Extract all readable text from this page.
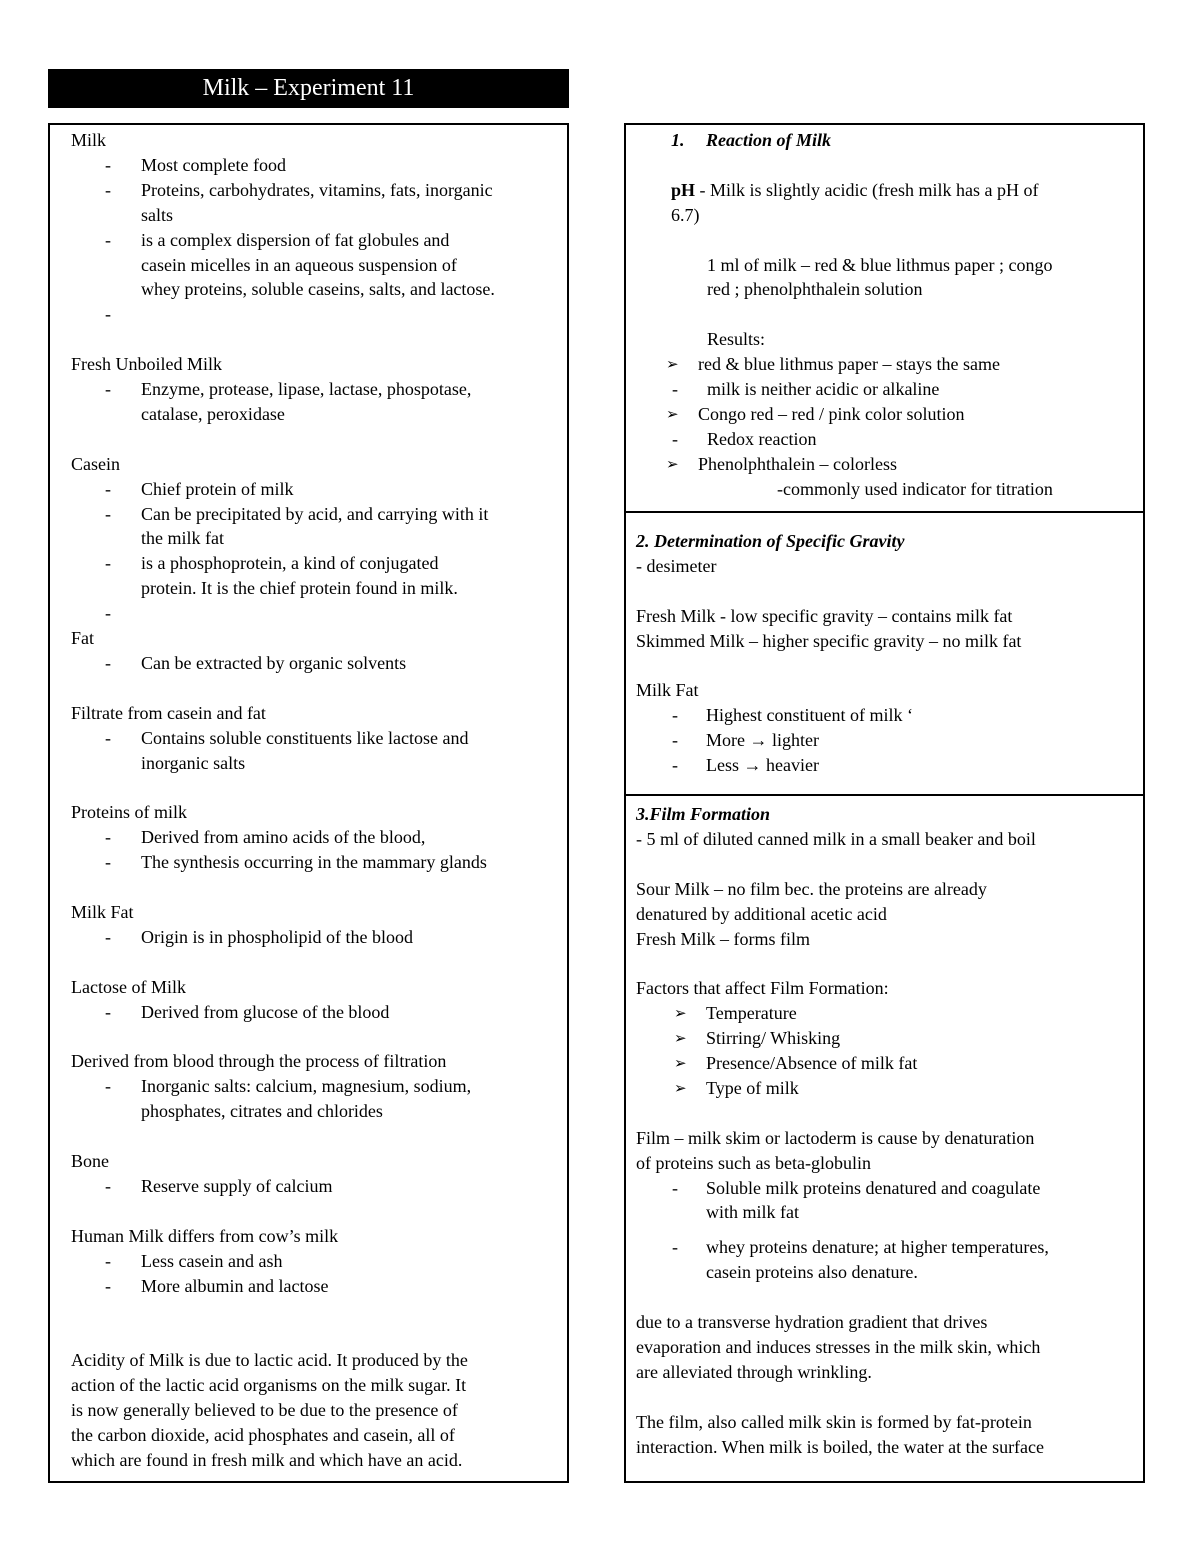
Milk – Experiment 11
Milk
- Most complete food
- Proteins, carbohydrates, vitamins, fats, inorganic
salts
- is a complex dispersion of fat globules and
casein micelles in an aqueous suspension of
whey proteins, soluble caseins, salts, and lactose.
-
Fresh Unboiled Milk
- Enzyme, protease, lipase, lactase, phospotase,
catalase, peroxidase
Casein
- Chief protein of milk
- Can be precipitated by acid, and carrying with it
the milk fat
- is a phosphoprotein, a kind of conjugated
protein. It is the chief protein found in milk.
-
Fat
- Can be extracted by organic solvents
Filtrate from casein and fat
- Contains soluble constituents like lactose and
inorganic salts
Proteins of milk
- Derived from amino acids of the blood,
- The synthesis occurring in the mammary glands
Milk Fat
- Origin is in phospholipid of the blood
Lactose of Milk
- Derived from glucose of the blood
Derived from blood through the process of filtration
- Inorganic salts: calcium, magnesium, sodium,
phosphates, citrates and chlorides
Bone
- Reserve supply of calcium
Human Milk differs from cow’s milk
- Less casein and ash
- More albumin and lactose
Acidity of Milk is due to lactic acid. It produced by the
action of the lactic acid organisms on the milk sugar. It
is now generally believed to be due to the presence of
the carbon dioxide, acid phosphates and casein, all of
which are found in fresh milk and which have an acid.
1. Reaction of Milk
pH - Milk is slightly acidic (fresh milk has a pH of
6.7)
1 ml of milk – red & blue lithmus paper ; congo
red ; phenolphthalein solution
Results:
➢ red & blue lithmus paper – stays the same
- milk is neither acidic or alkaline
➢ Congo red – red / pink color solution
- Redox reaction
➢ Phenolphthalein – colorless
-commonly used indicator for titration
2. Determination of Specific Gravity
- desimeter
Fresh Milk - low specific gravity – contains milk fat
Skimmed Milk – higher specific gravity – no milk fat
Milk Fat
- Highest constituent of milk ‘
- More → lighter
- Less → heavier
3.Film Formation
- 5 ml of diluted canned milk in a small beaker and boil
Sour Milk – no film bec. the proteins are already
denatured by additional acetic acid
Fresh Milk – forms film
Factors that affect Film Formation:
➢ Temperature
➢ Stirring/ Whisking
➢ Presence/Absence of milk fat
➢ Type of milk
Film – milk skim or lactoderm is cause by denaturation
of proteins such as beta-globulin
- Soluble milk proteins denatured and coagulate
with milk fat
- whey proteins denature; at higher temperatures,
casein proteins also denature.
due to a transverse hydration gradient that drives
evaporation and induces stresses in the milk skin, which
are alleviated through wrinkling.
The film, also called milk skin is formed by fat-protein
interaction. When milk is boiled, the water at the surface
